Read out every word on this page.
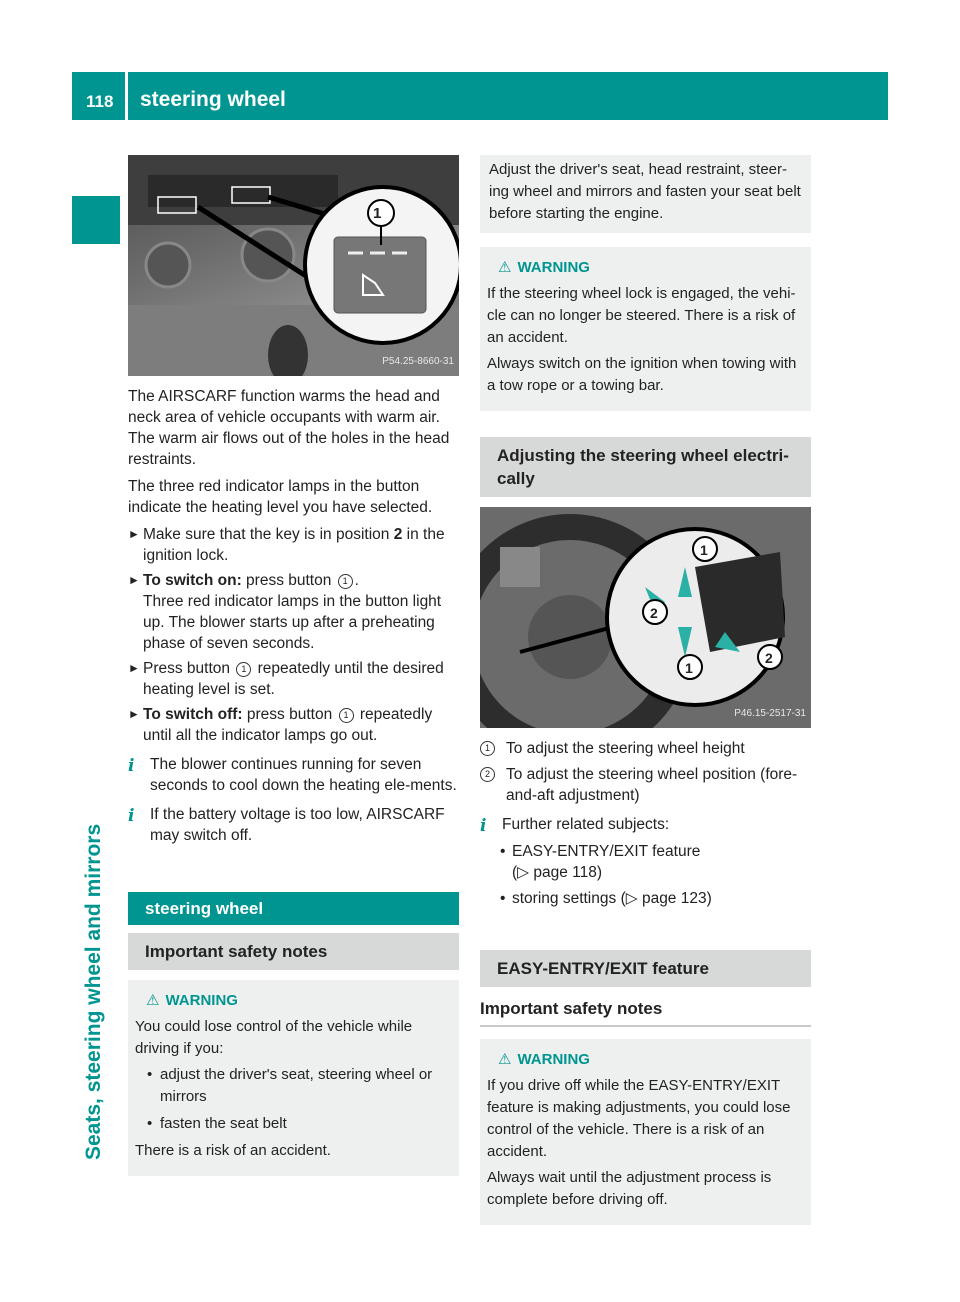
118 steering wheel
Seats, steering wheel and mirrors
1
P54.25-8660-31

The AIRSCARF function warms the head and neck area of vehicle occupants with warm air. The warm air flows out of the holes in the head restraints.

The three red indicator lamps in the button indicate the heating level you have selected.

► Make sure that the key is in position 2 in the ignition lock.
► To switch on: press button 1 .
Three red indicator lamps in the button light up. The blower starts up after a preheating phase of seven seconds.
► Press button 1 repeatedly until the desired heating level is set.
► To switch off: press button 1 repeatedly until all the indicator lamps go out.
i	The blower continues running for seven seconds to cool down the heating ele-ments.
i	If the battery voltage is too low, AIRSCARF may switch off.
steering wheel
Important safety notes
⚠ WARNING

You could lose control of the vehicle while driving if you:

• adjust the driver's seat, steering wheel or mirrors
• fasten the seat belt

There is a risk of an accident.

Adjust the driver's seat, head restraint, steer-ing wheel and mirrors and fasten your seat belt before starting the engine.
⚠ WARNING

If the steering wheel lock is engaged, the vehi-cle can no longer be steered. There is a risk of an accident.

Always switch on the ignition when towing with a tow rope or a towing bar.

Adjusting the steering wheel electri-cally
1
2
1
2
P46.15-2517-31
1	To adjust the steering wheel height
2	To adjust the steering wheel position (fore-and-aft adjustment)
i	Further related subjects:
• EASY-ENTRY/EXIT feature
(▷ page 118)
• storing settings (▷ page 123)
EASY-ENTRY/EXIT feature
Important safety notes
⚠ WARNING

If you drive off while the EASY-ENTRY/EXIT feature is making adjustments, you could lose control of the vehicle. There is a risk of an accident.

Always wait until the adjustment process is complete before driving off.
